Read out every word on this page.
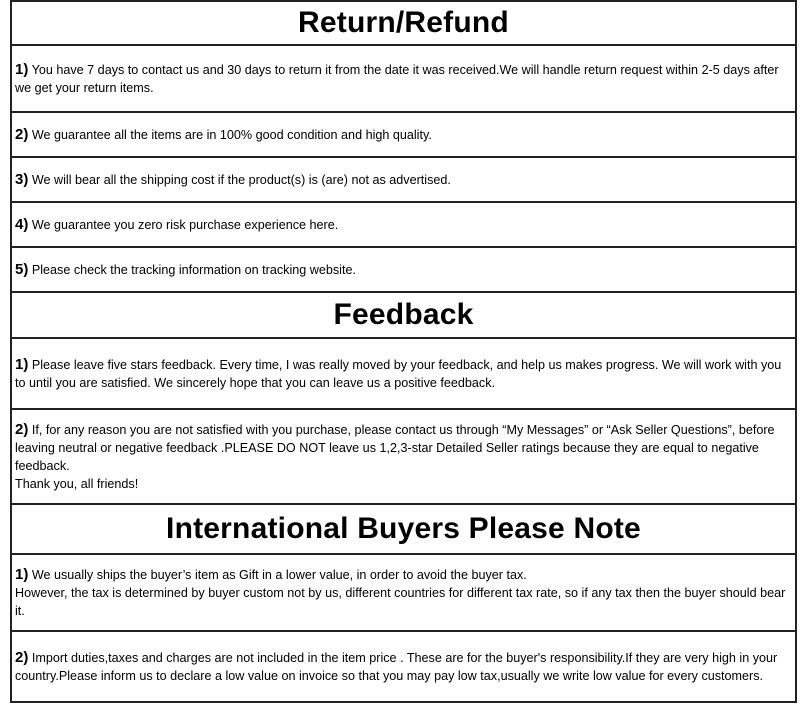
Return/Refund

1) You have 7 days to contact us and 30 days to return it from the date it was received.We will handle return request within 2-5 days after we get your return items.

2) We guarantee all the items are in 100% good condition and high quality.

3) We will bear all the shipping cost if the product(s) is (are) not as advertised.

4) We guarantee you zero risk purchase experience here.

5) Please check the tracking information on tracking website.

Feedback

1) Please leave five stars feedback. Every time, I was really moved by your feedback, and help us makes progress. We will work with you to until you are satisfied. We sincerely hope that you can leave us a positive feedback.

2) If, for any reason you are not satisfied with you purchase, please contact us through “My Messages” or “Ask Seller Questions”, before leaving neutral or negative feedback .PLEASE DO NOT leave us 1,2,3-star Detailed Seller ratings because they are equal to negative feedback.

Thank you, all friends!

International Buyers Please Note

1) We usually ships the buyer’s item as Gift in a lower value, in order to avoid the buyer tax.

However, the tax is determined by buyer custom not by us, different countries for different tax rate, so if any tax then the buyer should bear it.

2) Import duties,taxes and charges are not included in the item price . These are for the buyer's responsibility.If they are very high in your country.Please inform us to declare a low value on invoice so that you may pay low tax,usually we write low value for every customers.
